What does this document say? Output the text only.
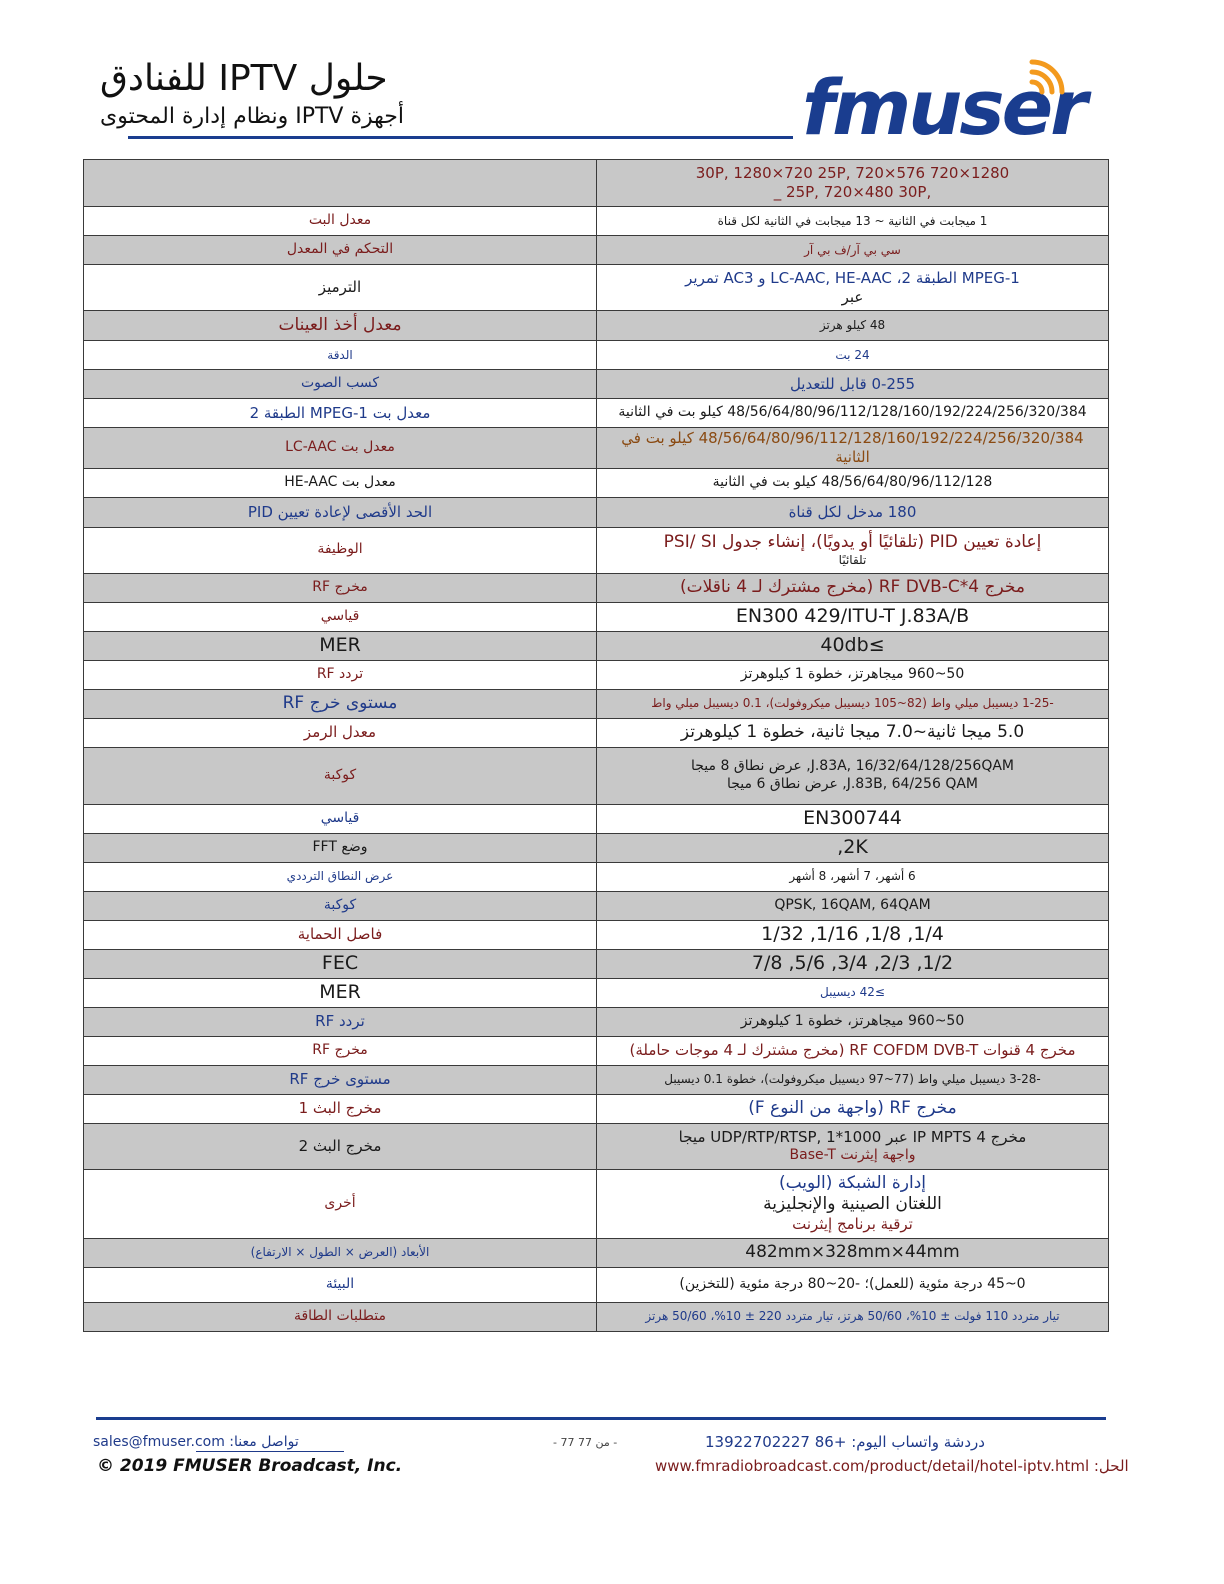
حلول IPTV للفنادق
أجهزة IPTV ونظام إدارة المحتوى	fmuser

	30P, 1280×720 25P, 720×576 720×1280
,25P, 720×480 30P _

معدل البت	1 ميجابت في الثانية ~ 13 ميجابت في الثانية لكل قناة
التحكم في المعدل	سي بي آر/ف بي آر
الترميز	MPEG-1 الطبقة 2، LC-AAC, HE-AAC و AC3 تمرير
عبر

معدل أخذ العينات	48 كيلو هرتز
الدقة	24 بت
كسب الصوت	0-255 قابل للتعديل
معدل بت MPEG-1 الطبقة 2	48/56/64/80/96/112/128/160/192/224/256/320/384 كيلو بت في الثانية
معدل بت LC-AAC	48/56/64/80/96/112/128/160/192/224/256/320/384 كيلو بت في الثانية
معدل بت HE-AAC	48/56/64/80/96/112/128 كيلو بت في الثانية
الحد الأقصى لإعادة تعيين PID	180 مدخل لكل قناة
الوظيفة	إعادة تعيين PID (تلقائيًا أو يدويًا)، إنشاء جدول PSI/ SI
تلقائيًا

مخرج RF	مخرج RF DVB-C*4 (مخرج مشترك لـ 4 ناقلات)
قياسي	EN300 429/ITU-T J.83A/B
MER	≥40db
تردد RF	50~960 ميجاهرتز، خطوة 1 كيلوهرتز
مستوى خرج RF	-1-25 ديسيبل ميلي واط (82~105 ديسيبل ميكروفولت)، 0.1 ديسيبل ميلي واط
معدل الرمز	5.0 ميجا ثانية~7.0 ميجا ثانية، خطوة 1 كيلوهرتز
كوكبة	J.83A, 16/32/64/128/256QAM, عرض نطاق 8 ميجا
J.83B, 64/256 QAM, عرض نطاق 6 ميجا

قياسي	EN300744
وضع FFT	2K,
عرض النطاق الترددي	6 أشهر، 7 أشهر، 8 أشهر
كوكبة	QPSK, 16QAM, 64QAM
فاصل الحماية	1/4, 1/8, 1/16, 1/32
FEC	1/2, 2/3, 3/4, 5/6, 7/8
MER	≥42 ديسيبل
تردد RF	50~960 ميجاهرتز، خطوة 1 كيلوهرتز
مخرج RF	مخرج 4 قنوات RF COFDM DVB-T (مخرج مشترك لـ 4 موجات حاملة)
مستوى خرج RF	-3-28 ديسيبل ميلي واط (77~97 ديسيبل ميكروفولت)، خطوة 0.1 ديسيبل
مخرج البث 1	مخرج RF (واجهة من النوع F)
مخرج البث 2	مخرج 4 IP MPTS عبر UDP/RTP/RTSP, 1*1000 ميجا
واجهة إيثرنت Base-T

أخرى	إدارة الشبكة (الويب)
اللغتان الصينية والإنجليزية
ترقية برنامج إيثرنت

الأبعاد (العرض × الطول × الارتفاع)	482mm×328mm×44mm
البيئة	0~45 درجة مئوية (للعمل)؛ -20~80 درجة مئوية (للتخزين)
متطلبات الطاقة	تيار متردد 110 فولت ± 10%، 50/60 هرتز، تيار متردد 220 ± 10%، 50/60 هرتز
تواصل معنا: sales@fmuser.com
© 2019 FMUSER Broadcast, Inc.
- 77 من 77 -	دردشة واتساب اليوم: +86 13922702227
الحل: www.fmradiobroadcast.com/product/detail/hotel-iptv.html
